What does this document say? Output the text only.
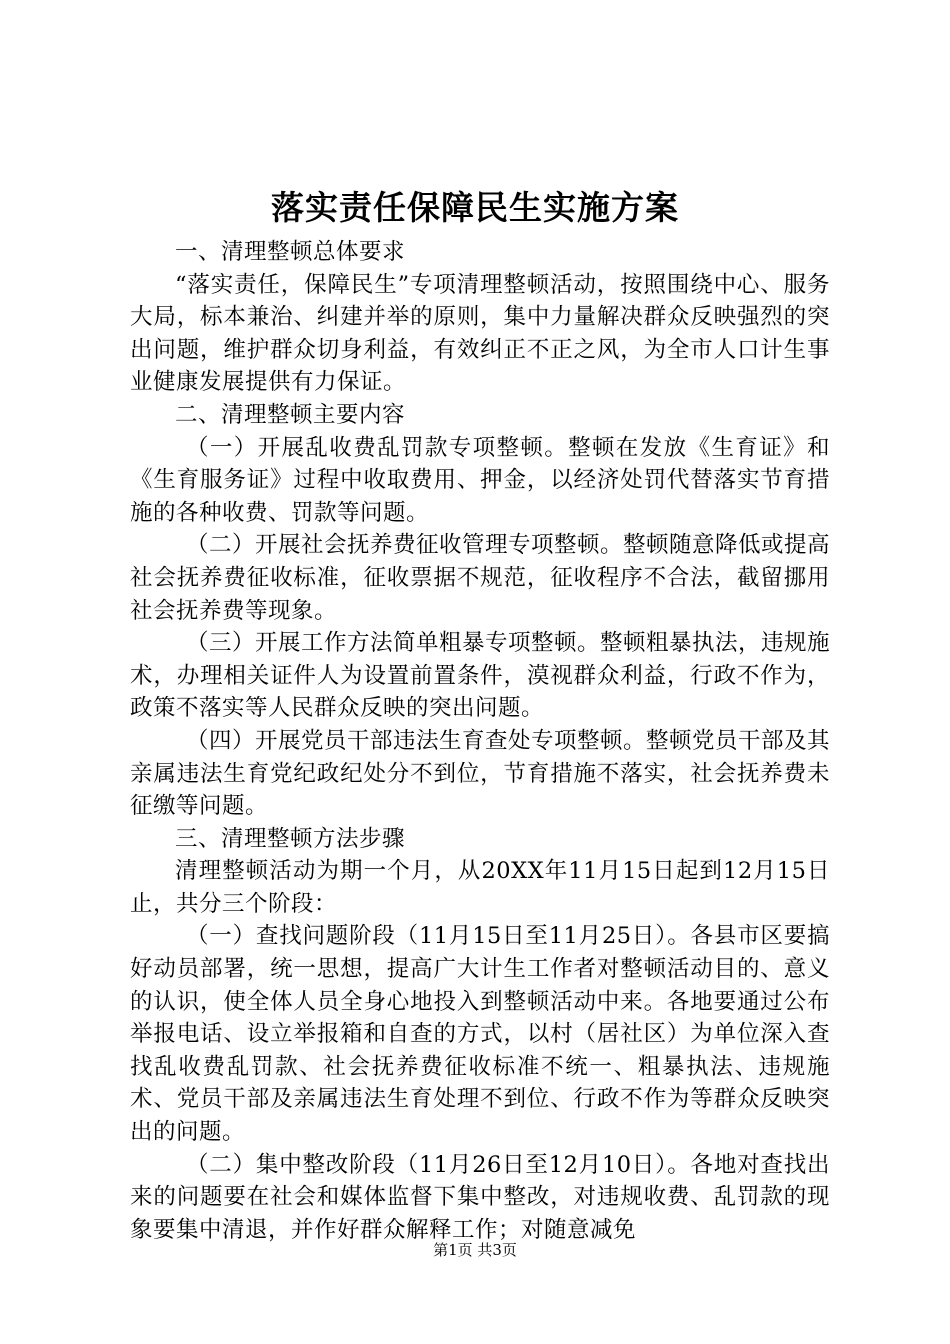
落实责任保障民生实施方案

一、清理整顿总体要求

“落实责任，保障民生”专项清理整顿活动，按照围绕中心、服务大局，标本兼治、纠建并举的原则，集中力量解决群众反映强烈的突出问题，维护群众切身利益，有效纠正不正之风，为全市人口计生事业健康发展提供有力保证。

二、清理整顿主要内容

（一）开展乱收费乱罚款专项整顿。整顿在发放《生育证》和《生育服务证》过程中收取费用、押金，以经济处罚代替落实节育措施的各种收费、罚款等问题。

（二）开展社会抚养费征收管理专项整顿。整顿随意降低或提高社会抚养费征收标准，征收票据不规范，征收程序不合法，截留挪用社会抚养费等现象。

（三）开展工作方法简单粗暴专项整顿。整顿粗暴执法，违规施术，办理相关证件人为设置前置条件，漠视群众利益，行政不作为，政策不落实等人民群众反映的突出问题。

（四）开展党员干部违法生育查处专项整顿。整顿党员干部及其亲属违法生育党纪政纪处分不到位，节育措施不落实，社会抚养费未征缴等问题。

三、清理整顿方法步骤

清理整顿活动为期一个月，从20XX年11月15日起到12月15日止，共分三个阶段：

（一）查找问题阶段（11月15日至11月25日）。各县市区要搞好动员部署，统一思想，提高广大计生工作者对整顿活动目的、意义的认识，使全体人员全身心地投入到整顿活动中来。各地要通过公布举报电话、设立举报箱和自查的方式，以村（居社区）为单位深入查找乱收费乱罚款、社会抚养费征收标准不统一、粗暴执法、违规施术、党员干部及亲属违法生育处理不到位、行政不作为等群众反映突出的问题。

（二）集中整改阶段（11月26日至12月10日）。各地对查找出来的问题要在社会和媒体监督下集中整改，对违规收费、乱罚款的现象要集中清退，并作好群众解释工作；对随意减免

第1页 共3页
